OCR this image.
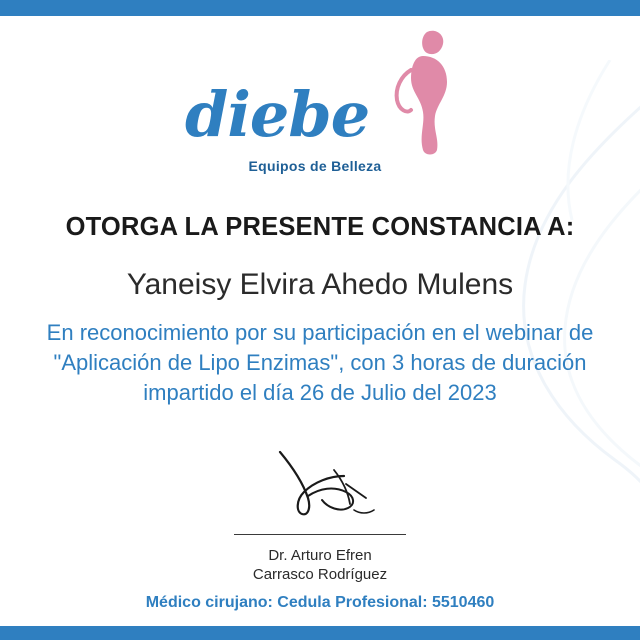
diebe
Equipos de Belleza
OTORGA LA PRESENTE CONSTANCIA A:
Yaneisy Elvira Ahedo Mulens
En reconocimiento por su participación en el webinar de
"Aplicación de Lipo Enzimas", con 3 horas de duración
impartido el día 26 de Julio del 2023
Dr. Arturo Efren
Carrasco Rodríguez
Médico cirujano: Cedula Profesional: 5510460
